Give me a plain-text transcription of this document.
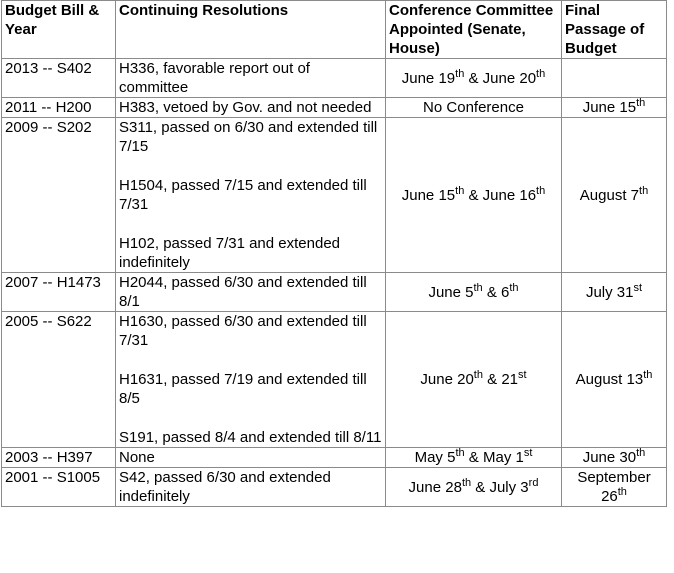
Budget Bill & Year	Continuing Resolutions	Conference Committee Appointed (Senate, House)	Final Passage of Budget
2013 -- S402	H336, favorable report out of committee	June 19th & June 20th	
2011 -- H200	H383, vetoed by Gov. and not needed	No Conference	June 15th
2009 -- S202	S311, passed on 6/30 and extended till 7/15
H1504, passed 7/15 and extended till 7/31
H102, passed 7/31 and extended indefinitely	June 15th & June 16th	August 7th
2007 -- H1473	H2044, passed 6/30 and extended till 8/1	June 5th & 6th	July 31st
2005 -- S622	H1630, passed 6/30 and extended till 7/31
H1631, passed 7/19 and extended till 8/5
S191, passed 8/4 and extended till 8/11	June 20th & 21st	August 13th
2003 -- H397	None	May 5th & May 1st	June 30th
2001 -- S1005	S42, passed 6/30 and extended indefinitely	June 28th & July 3rd	September 26th
